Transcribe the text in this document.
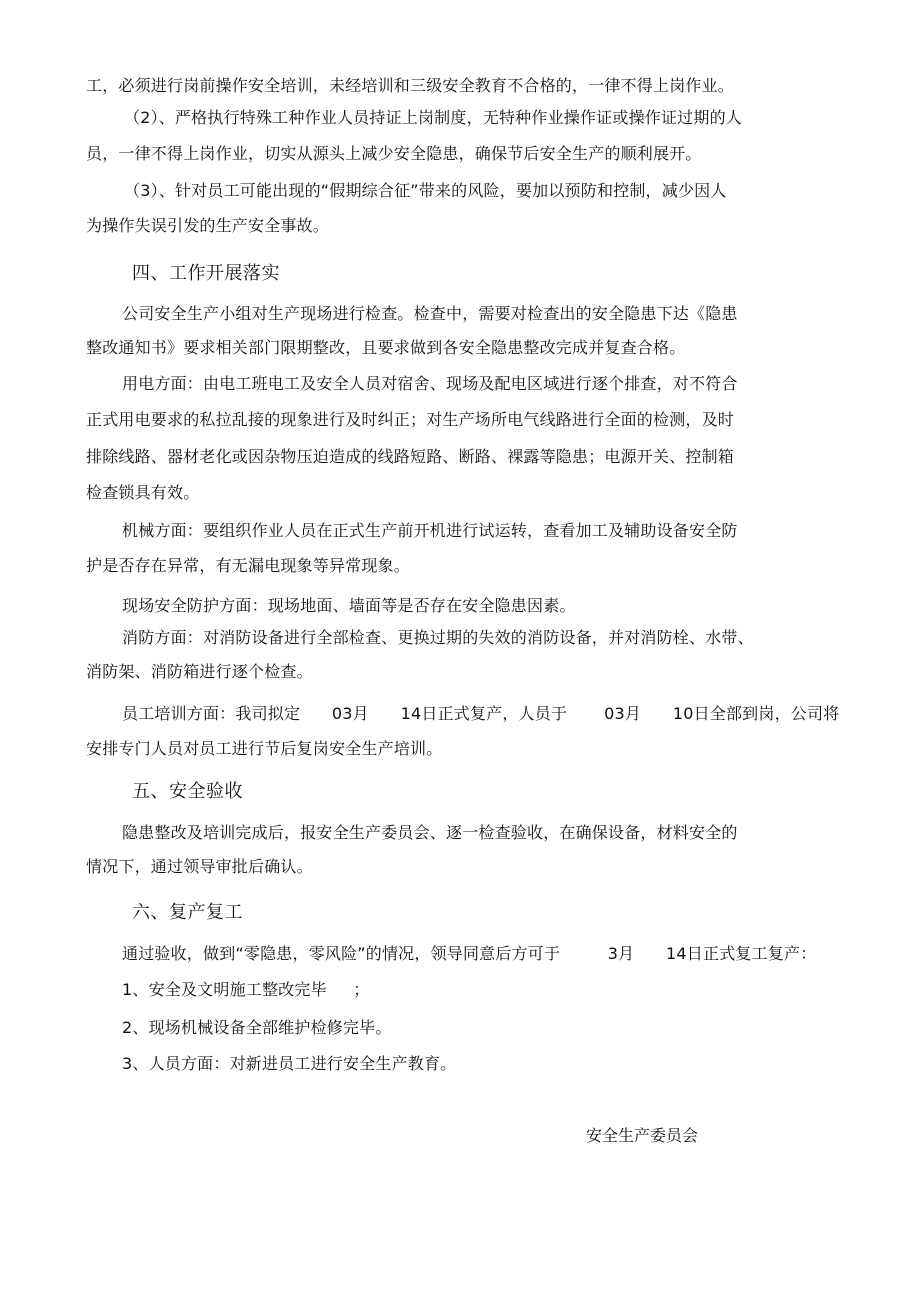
工，必须进行岗前操作安全培训，未经培训和三级安全教育不合格的，一律不得上岗作业。
（2）、严格执行特殊工种作业人员持证上岗制度，无特种作业操作证或操作证过期的人
员，一律不得上岗作业，切实从源头上减少安全隐患，确保节后安全生产的顺利展开。
（3）、针对员工可能出现的“假期综合征”带来的风险，要加以预防和控制，减少因人
为操作失误引发的生产安全事故。
四、工作开展落实
公司安全生产小组对生产现场进行检查。检查中，需要对检查出的安全隐患下达《隐患
整改通知书》要求相关部门限期整改，且要求做到各安全隐患整改完成并复查合格。
用电方面：由电工班电工及安全人员对宿舍、现场及配电区域进行逐个排查，对不符合
正式用电要求的私拉乱接的现象进行及时纠正；对生产场所电气线路进行全面的检测，及时
排除线路、器材老化或因杂物压迫造成的线路短路、断路、裸露等隐患；电源开关、控制箱
检查锁具有效。
机械方面：要组织作业人员在正式生产前开机进行试运转，查看加工及辅助设备安全防
护是否存在异常，有无漏电现象等异常现象。
现场安全防护方面：现场地面、墙面等是否存在安全隐患因素。
消防方面：对消防设备进行全部检查、更换过期的失效的消防设备，并对消防栓、水带、
消防架、消防箱进行逐个检查。
员工培训方面：我司拟定      03月      14日正式复产，人员于       03月      10日全部到岗，公司将
安排专门人员对员工进行节后复岗安全生产培训。
五、安全验收
隐患整改及培训完成后，报安全生产委员会、逐一检查验收，在确保设备，材料安全的
情况下，通过领导审批后确认。
六、复产复工
通过验收，做到“零隐患，零风险”的情况，领导同意后方可于         3月      14日正式复工复产：
1、安全及文明施工整改完毕     ；
2、现场机械设备全部维护检修完毕。
3、人员方面：对新进员工进行安全生产教育。
安全生产委员会
